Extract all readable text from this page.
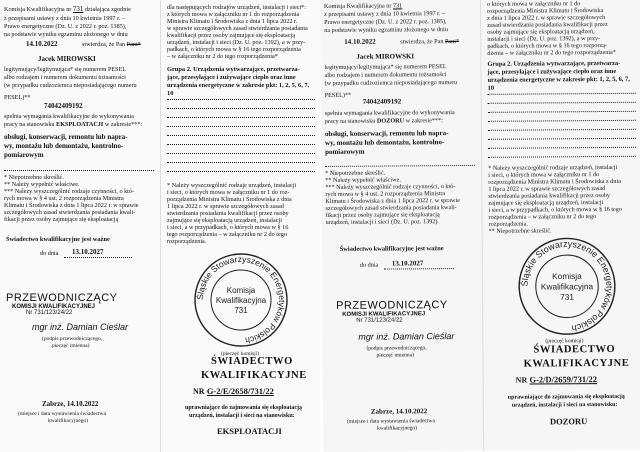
Komisja Kwalifikacyjna nr 731 działająca zgodnie
z przepisami ustawy z dnia 10 kwietnia 1997 r. –
Prawo energetyczne (Dz. U. z 2022 r. poz. 1385),
na podstawie wyniku egzaminu złożonego w dniu
14.10.2022	stwierdza, że Pan Pani*
Jacek MIROWSKI
legitymujący/legitymująca* się numerem PESEL
albo rodzajem i numerem dokumentu tożsamości
(w przypadku cudzoziemca nieposiadającego numeru
PESEL)**
74042409192
spełnia wymagania kwalifikacyjne do wykonywania
pracy na stanowisku EKSPLOATACJI w zakresie***:
obsługi, konserwacji, remontu lub napra-
wy, montażu lub demontażu, kontrolno-
pomiarowym
* Niepotrzebne skreślić.
** Należy wypełnić właściwe.
*** Należy wyszczególnić rodzaje czynności, o któ-
rych mowa w § 4 ust. 2 rozporządzenia Ministra
Klimatu i Środowiska z dnia 1 lipca 2022 r. w sprawie
szczegółowych zasad stwierdzania posiadania kwali-
fikacji przez osoby zajmujące się eksploatacją
Świadectwo kwalifikacyjne jest ważne
do dnia 13.10.2027
PRZEWODNICZĄCY
KOMISJI KWALIFIKACYJNEJ
Nr 731/123/24/22
mgr inż. Damian Cieślar
(podpis przewodniczącego,
pieczęć imienna)
Zabrze, 14.10.2022
(miejsce i data wystawienia świadectwa
kwalifikacyjnego)
dla następujących rodzajów urządzeń, instalacji i sieci*:
z których mowa w załączniku nr 1 do rozporządzenia
Ministra Klimatu i Środowiska z dnia 1 lipca 2022 r.
w sprawie szczegółowych zasad stwierdzania posiadania
kwalifikacji przez osoby zajmujące się eksploatacją
urządzeń, instalacji i sieci (Dz. U. poz. 1392), a w przy-
padkach, o których mowa w § 16 tego rozporządzenia
– w załączniku nr 2 do tego rozporządzenia*
Grupa 2. Urządzenia wytwarzające, przetwarza-
jące, przesyłające i zużywające ciepło oraz inne
urządzenia energetyczne w zakresie pkt: 1, 2, 5, 6, 7,
10
* Należy wyszczególnić rodzaje urządzeń, instalacji
i sieci, o których mowa w załączniku nr 1 do roz-
porządzenia Ministra Klimatu i Środowiska z dnia
1 lipca 2022 r. w sprawie szczegółowych zasad
stwierdzania posiadania kwalifikacji przez osoby
zajmujące się eksploatacją urządzeń, instalacji
i sieci, a w przypadkach, o których mowa w § 16
tego rozporządzenia – w załączniku nr 2 do tego
rozporządzenia.
Śląskie Stowarzyszenie Energetyków Polskich
Komisja
Kwalifikacyjna
731
(pieczęć komisji)
ŚWIADECTWO
KWALIFIKACYJNE
NR G-2/E/2658/731/22
uprawniające do zajmowania się eksploatacją
urządzeń, instalacji i sieci na stanowisku:
EKSPLOATACJI
Komisja Kwalifikacyjna nr 731
z przepisami ustawy z dnia 10 kwietnia 1997 r. –
Prawo energetyczne (Dz. U. z 2022 r. poz. 1385),
na podstawie wyniku egzaminu złożonego w dniu
14.10.2022	stwierdza, że Pan Pani*
Jacek MIROWSKI
legitymujący/legitymująca* się numerem PESEL
albo rodzajem i numerem dokumentu tożsamości
(w przypadku cudzoziemca nieposiadającego numeru
PESEL)**
74042409192
spełnia wymagania kwalifikacyjne do wykonywania
pracy na stanowisku DOZORU w zakresie***:
obsługi, konserwacji, remontu lub napra-
wy, montażu lub demontażu, kontrolno-
pomiarowym
* Niepotrzebne skreślić.
** Należy wypełnić właściwe.
*** Należy wyszczególnić rodzaje czynności, o któ-
rych mowa w § 4 ust. 2 rozporządzenia Ministra
Klimatu i Środowiska z dnia 1 lipca 2022 r. w sprawie
szczegółowych zasad stwierdzania posiadania kwali-
fikacji przez osoby zajmujące się eksploatacją
urządzeń, instalacji i sieci (Dz. U. poz. 1392).
Świadectwo kwalifikacyjne jest ważne
do dnia 13.10.2027
PRZEWODNICZĄCY
KOMISJI KWALIFIKACYJNEJ
Nr 731/123/24/22
mgr inż. Damian Cieślar
(podpis przewodniczącego,
pieczęć imienna)
Zabrze, 14.10.2022
(miejsce i data wystawienia świadectwa
kwalifikacyjnego)
o których mowa w załączniku nr 1 do
rozporządzenia Ministra Klimatu i Środowiska
z dnia 1 lipca 2022 r. w sprawie szczegółowych
zasad stwierdzania posiadania kwalifikacji przez
osoby zajmujące się eksploatacją urządzeń,
instalacji i sieci (Dz. U. poz. 1392), a w przy-
padkach, o których mowa w § 16 tego rozporzą-
dzenia – w załączniku nr 2 do tego rozporządzenia*
Grupa 2. Urządzenia wytwarzające, przetwarza-
jące, przesyłające i zużywające ciepło oraz inne
urządzenia energetyczne w zakresie pkt: 1, 2, 5, 6, 7,
10
* Należy wyszczególnić rodzaje urządzeń, instalacji
i sieci, o których mowa w załączniku nr 1 do
rozporządzenia Ministra Klimatu i Środowiska z dnia
1 lipca 2022 r. w sprawie szczegółowych zasad
stwierdzania posiadania kwalifikacji przez osoby
zajmujące się eksploatacją urządzeń, instalacji
i sieci, a w przypadkach, o których mowa w § 16 tego
rozporządzenia – w załączniku nr 2 do tego
rozporządzenia.
** Niepotrzebne skreślić.
Śląskie Stowarzyszenie Energetyków Polskich
Komisja
Kwalifikacyjna
731
(pieczęć komisji)
ŚWIADECTWO
KWALIFIKACYJNE
NR G-2/D/2659/731/22
uprawniające do zajmowania się eksploatacją
urządzeń, instalacji i sieci na stanowisku:
DOZORU
